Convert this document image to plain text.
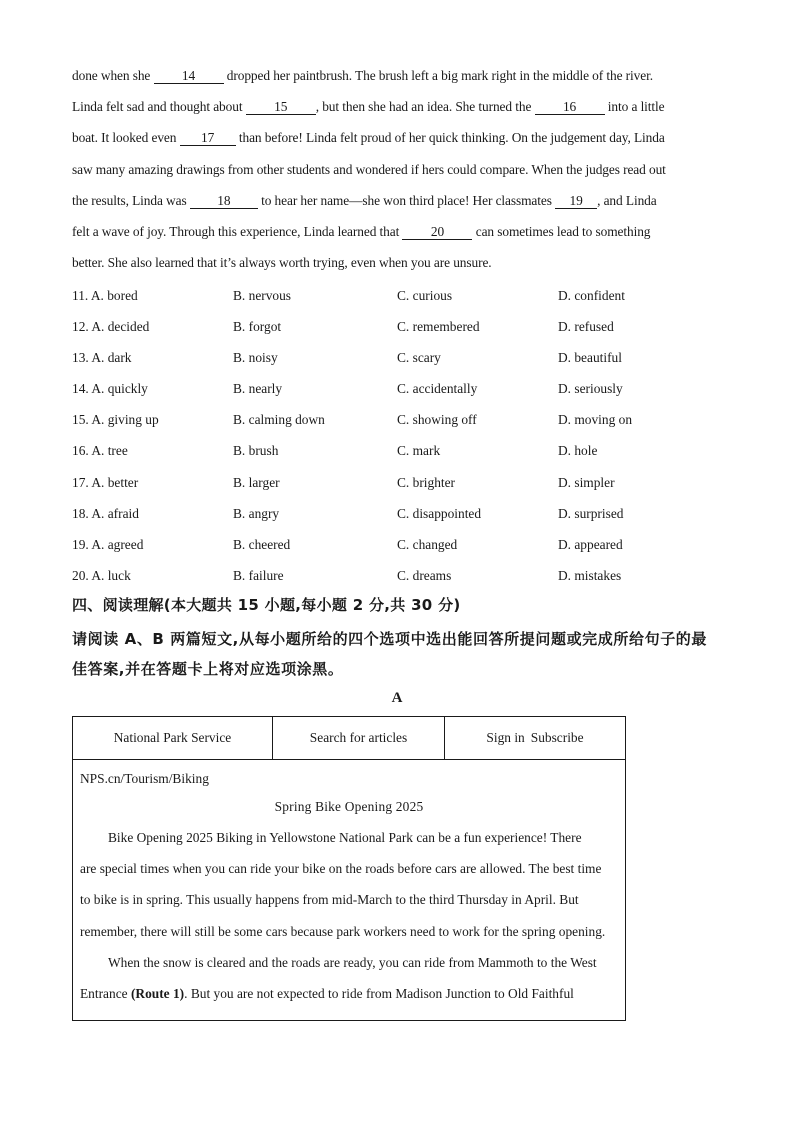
done when she 14 dropped her paintbrush. The brush left a big mark right in the middle of the river.
Linda felt sad and thought about 15 , but then she had an idea. She turned the 16 into a little
boat. It looked even 17 than before! Linda felt proud of her quick thinking. On the judgement day, Linda
saw many amazing drawings from other students and wondered if hers could compare. When the judges read out
the results, Linda was 18 to hear her name—she won third place! Her classmates 19 , and Linda
felt a wave of joy. Through this experience, Linda learned that 20 can sometimes lead to something
better. She also learned that it’s always worth trying, even when you are unsure.
11. A. bored	B. nervous	C. curious	D. confident
12. A. decided	B. forgot	C. remembered	D. refused
13. A. dark	B. noisy	C. scary	D. beautiful
14. A. quickly	B. nearly	C. accidentally	D. seriously
15. A. giving up	B. calming down	C. showing off	D. moving on
16. A. tree	B. brush	C. mark	D. hole
17. A. better	B. larger	C. brighter	D. simpler
18. A. afraid	B. angry	C. disappointed	D. surprised
19. A. agreed	B. cheered	C. changed	D. appeared
20. A. luck	B. failure	C. dreams	D. mistakes
四、阅读理解(本大题共 15 小题,每小题 2 分,共 30 分)
请阅读 A、B 两篇短文,从每小题所给的四个选项中选出能回答所提问题或完成所给句子的最
佳答案,并在答题卡上将对应选项涂黑。
A
National Park Service	Search for articles	Sign in Subscribe
NPS.cn/Tourism/Biking
Spring Bike Opening 2025
Bike Opening 2025 Biking in Yellowstone National Park can be a fun experience! There
are special times when you can ride your bike on the roads before cars are allowed. The best time
to bike is in spring. This usually happens from mid-March to the third Thursday in April. But
remember, there will still be some cars because park workers need to work for the spring opening.
When the snow is cleared and the roads are ready, you can ride from Mammoth to the West
Entrance (Route 1). But you are not expected to ride from Madison Junction to Old Faithful
